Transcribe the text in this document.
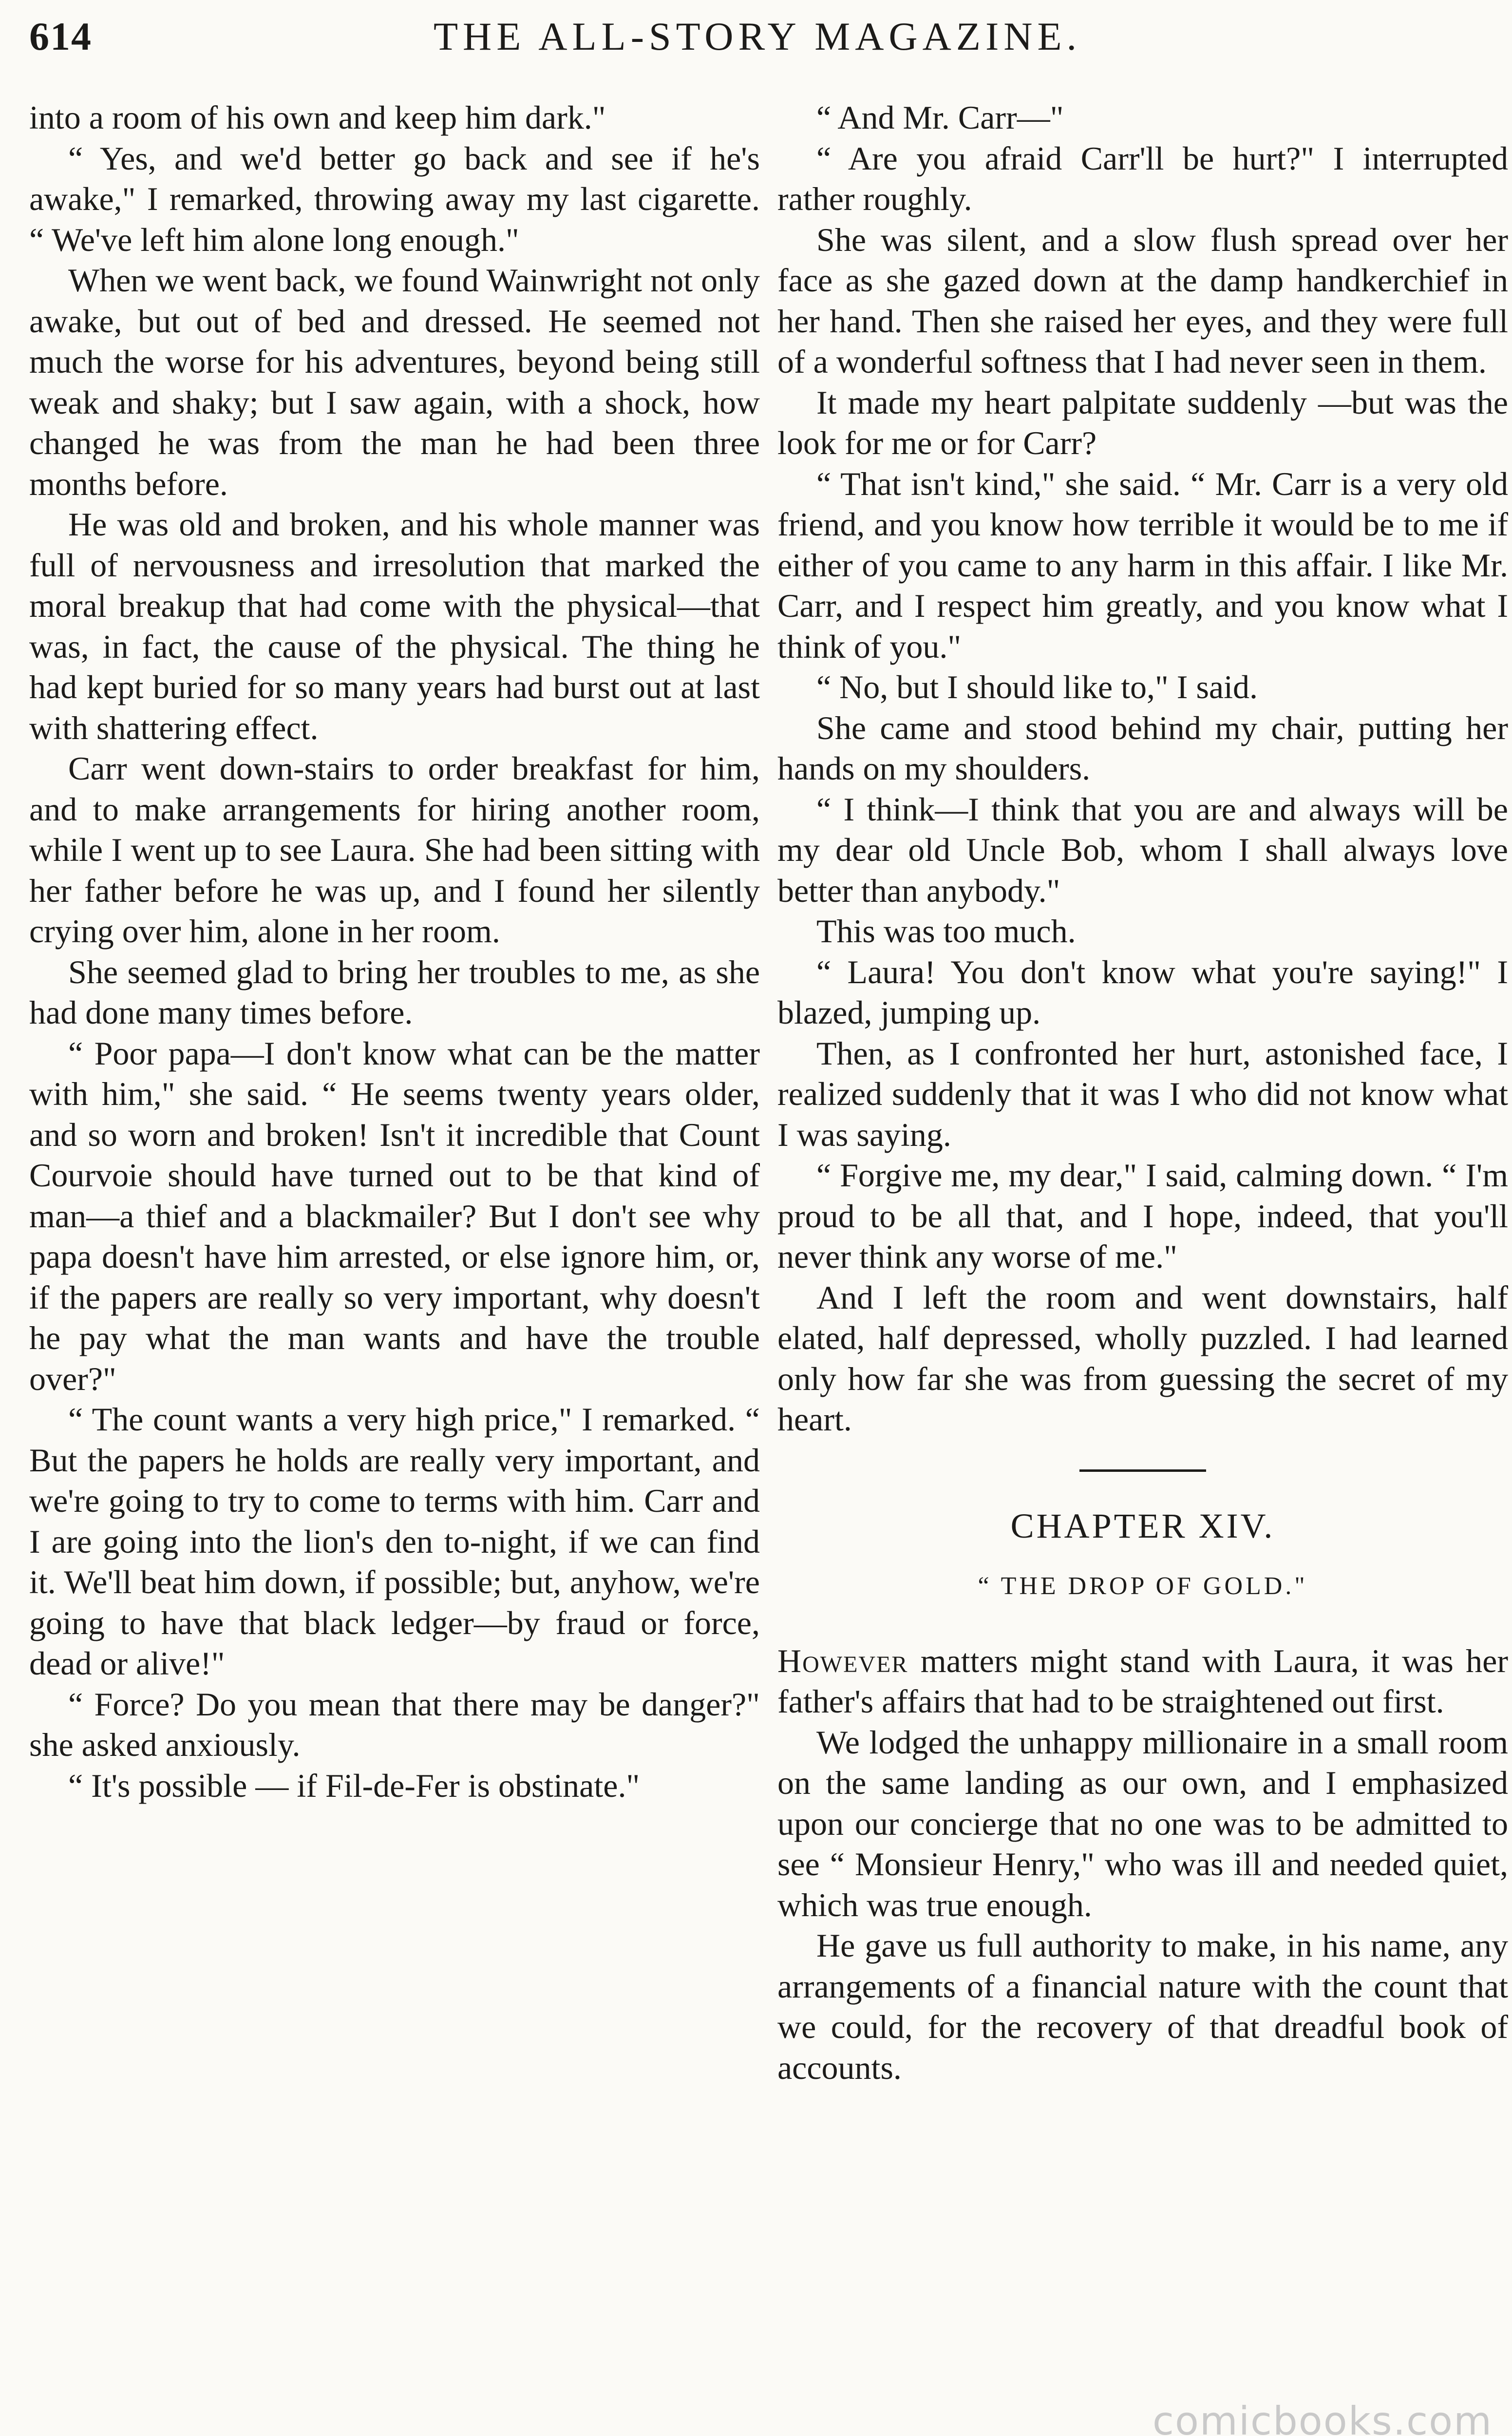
614	THE ALL-STORY MAGAZINE.

into a room of his own and keep him dark."

“ Yes, and we'd better go back and see if he's awake," I remarked, throwing away my last cigarette. “ We've left him alone long enough."

When we went back, we found Wainwright not only awake, but out of bed and dressed. He seemed not much the worse for his adventures, beyond being still weak and shaky; but I saw again, with a shock, how changed he was from the man he had been three months before.

He was old and broken, and his whole manner was full of nervousness and irresolution that marked the moral breakup that had come with the physical—that was, in fact, the cause of the physical. The thing he had kept buried for so many years had burst out at last with shattering effect.

Carr went down-stairs to order breakfast for him, and to make arrangements for hiring another room, while I went up to see Laura. She had been sitting with her father before he was up, and I found her silently crying over him, alone in her room.

She seemed glad to bring her troubles to me, as she had done many times before.

“ Poor papa—I don't know what can be the matter with him," she said. “ He seems twenty years older, and so worn and broken! Isn't it incredible that Count Courvoie should have turned out to be that kind of man—a thief and a blackmailer? But I don't see why papa doesn't have him arrested, or else ignore him, or, if the papers are really so very important, why doesn't he pay what the man wants and have the trouble over?"

“ The count wants a very high price," I remarked. “ But the papers he holds are really very important, and we're going to try to come to terms with him. Carr and I are going into the lion's den to-night, if we can find it. We'll beat him down, if possible; but, anyhow, we're going to have that black ledger—by fraud or force, dead or alive!"

“ Force? Do you mean that there may be danger?" she asked anxiously.

“ It's possible — if Fil-de-Fer is obstinate."

“ And Mr. Carr—"

“ Are you afraid Carr'll be hurt?" I interrupted rather roughly.

She was silent, and a slow flush spread over her face as she gazed down at the damp handkerchief in her hand. Then she raised her eyes, and they were full of a wonderful softness that I had never seen in them.

It made my heart palpitate suddenly —but was the look for me or for Carr?

“ That isn't kind," she said. “ Mr. Carr is a very old friend, and you know how terrible it would be to me if either of you came to any harm in this affair. I like Mr. Carr, and I respect him greatly, and you know what I think of you."

“ No, but I should like to," I said.

She came and stood behind my chair, putting her hands on my shoulders.

“ I think—I think that you are and always will be my dear old Uncle Bob, whom I shall always love better than anybody."

This was too much.

“ Laura! You don't know what you're saying!" I blazed, jumping up.

Then, as I confronted her hurt, astonished face, I realized suddenly that it was I who did not know what I was saying.

“ Forgive me, my dear," I said, calming down. “ I'm proud to be all that, and I hope, indeed, that you'll never think any worse of me."

And I left the room and went downstairs, half elated, half depressed, wholly puzzled. I had learned only how far she was from guessing the secret of my heart.

CHAPTER XIV.
“ THE DROP OF GOLD."

However matters might stand with Laura, it was her father's affairs that had to be straightened out first.

We lodged the unhappy millionaire in a small room on the same landing as our own, and I emphasized upon our concierge that no one was to be admitted to see “ Monsieur Henry," who was ill and needed quiet, which was true enough.

He gave us full authority to make, in his name, any arrangements of a financial nature with the count that we could, for the recovery of that dreadful book of accounts.

comicbooks.com
